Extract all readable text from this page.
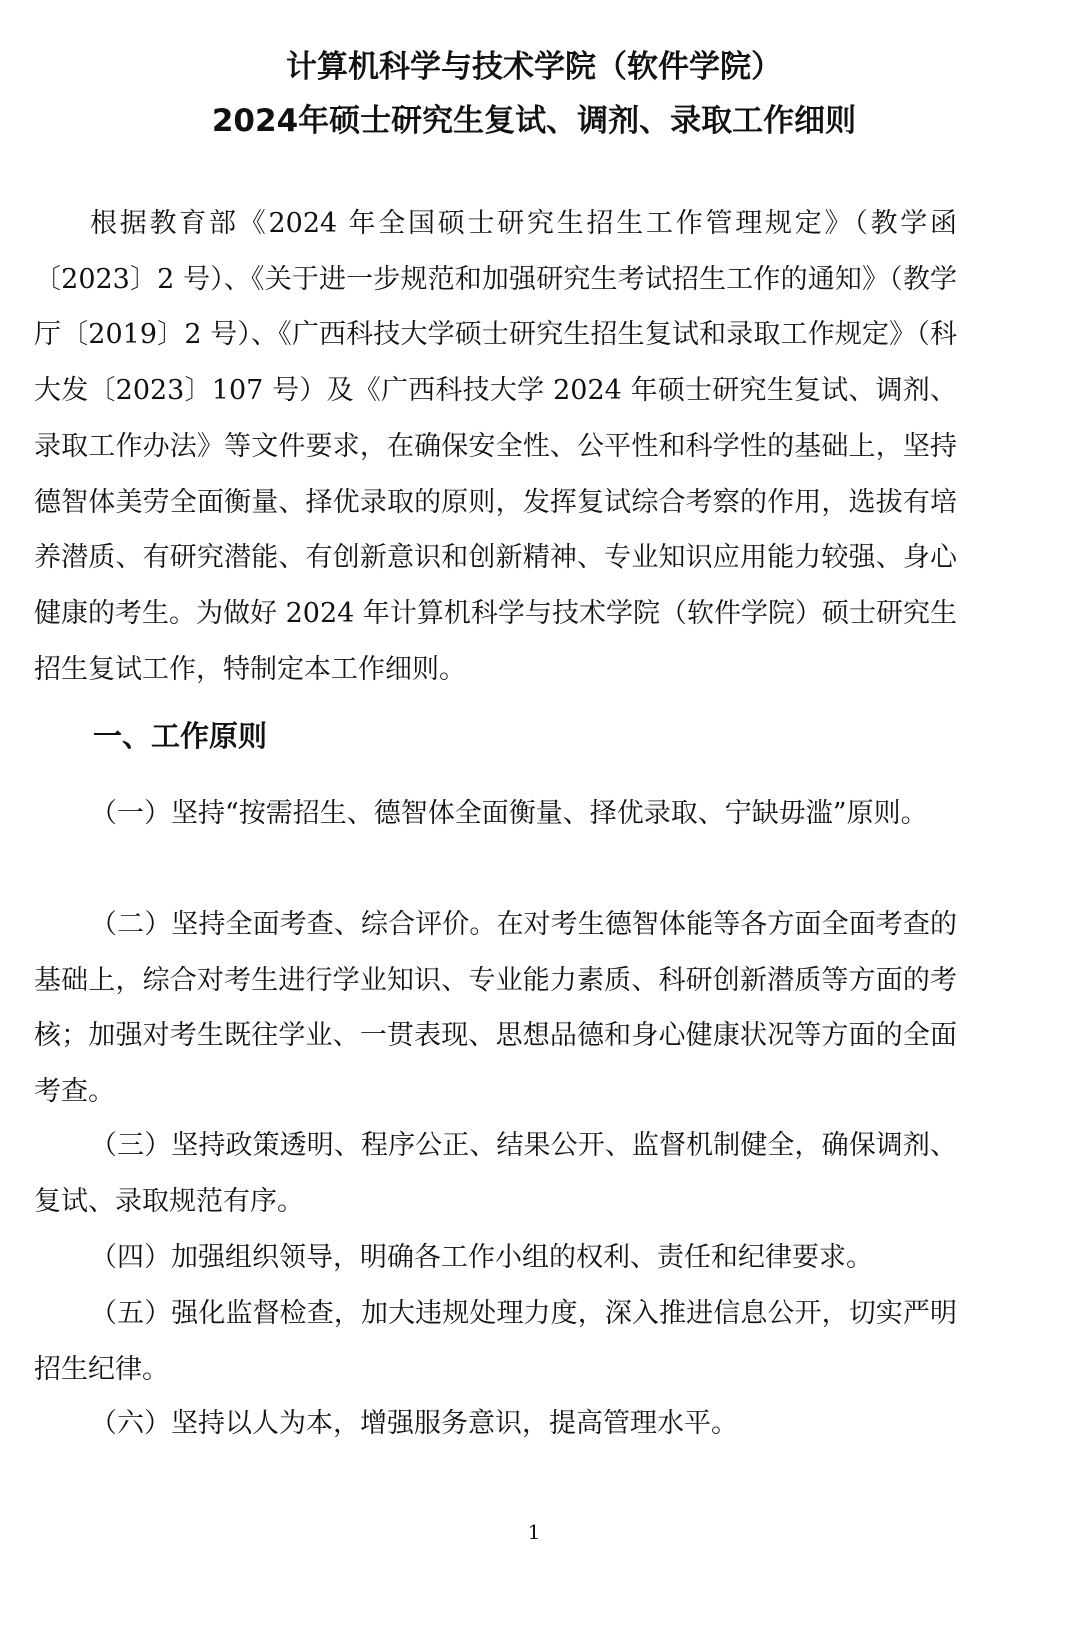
计算机科学与技术学院（软件学院）
2024年硕士研究生复试、调剂、录取工作细则

根据教育部《2024 年全国硕士研究生招生工作管理规定》（教学函〔2023〕2 号）、《关于进一步规范和加强研究生考试招生工作的通知》（教学厅〔2019〕2 号）、《广西科技大学硕士研究生招生复试和录取工作规定》（科大发〔2023〕107 号）及《广西科技大学 2024 年硕士研究生复试、调剂、录取工作办法》等文件要求，在确保安全性、公平性和科学性的基础上，坚持德智体美劳全面衡量、择优录取的原则，发挥复试综合考察的作用，选拔有培养潜质、有研究潜能、有创新意识和创新精神、专业知识应用能力较强、身心健康的考生。为做好 2024 年计算机科学与技术学院（软件学院）硕士研究生招生复试工作，特制定本工作细则。

一、工作原则

（一）坚持“按需招生、德智体全面衡量、择优录取、宁缺毋滥”原则。

（二）坚持全面考查、综合评价。在对考生德智体能等各方面全面考查的基础上，综合对考生进行学业知识、专业能力素质、科研创新潜质等方面的考核；加强对考生既往学业、一贯表现、思想品德和身心健康状况等方面的全面考查。

（三）坚持政策透明、程序公正、结果公开、监督机制健全，确保调剂、复试、录取规范有序。

（四）加强组织领导，明确各工作小组的权利、责任和纪律要求。

（五）强化监督检查，加大违规处理力度，深入推进信息公开，切实严明招生纪律。

（六）坚持以人为本，增强服务意识，提高管理水平。

1
